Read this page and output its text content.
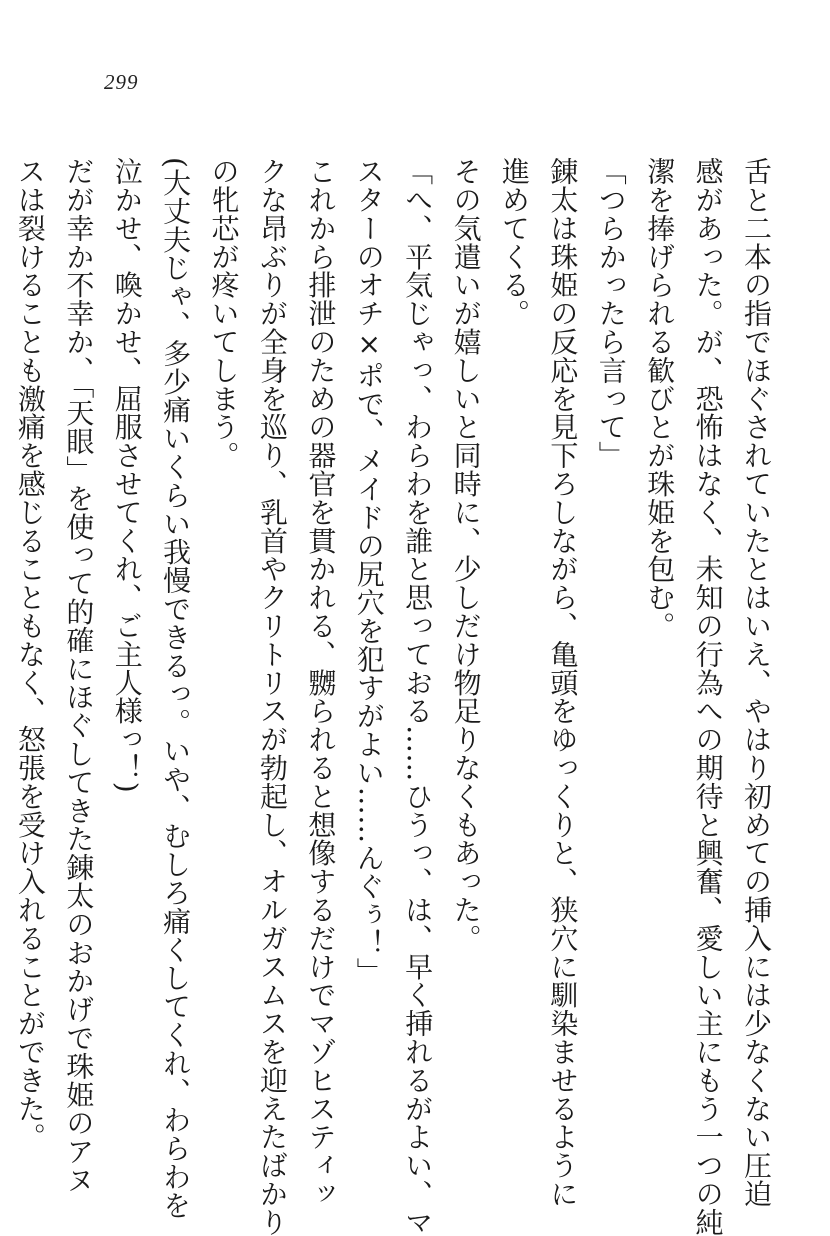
299
舌と二本の指でほぐされていたとはいえ、やはり初めての挿入には少なくない圧迫
感があった。が、恐怖はなく、未知の行為への期待と興奮、愛しい主にもう一つの純
潔を捧げられる歓びとが珠姫を包む。
「つらかったら言って」
錬太は珠姫の反応を見下ろしながら、亀頭をゆっくりと、狭穴に馴染ませるように
進めてくる。
その気遣いが嬉しいと同時に、少しだけ物足りなくもあった。
「へ、平気じゃっ、わらわを誰と思っておる……ひうっ、は、早く挿れるがよい、マ
スターのオチ×ポで、メイドの尻穴を犯すがよい……んぐぅ！」
これから排泄のための器官を貫かれる、嬲られると想像するだけでマゾヒスティッ
クな昂ぶりが全身を巡り、乳首やクリトリスが勃起し、オルガスムスを迎えたばかり
の牝芯が疼いてしまう。
(大丈夫じゃ、多少痛いくらい我慢できるっ。いや、むしろ痛くしてくれ、わらわを
泣かせ、喚かせ、屈服させてくれ、ご主人様っ！)
だが幸か不幸か、「天眼」を使って的確にほぐしてきた錬太のおかげで珠姫のアヌ
スは裂けることも激痛を感じることもなく、怒張を受け入れることができた。
